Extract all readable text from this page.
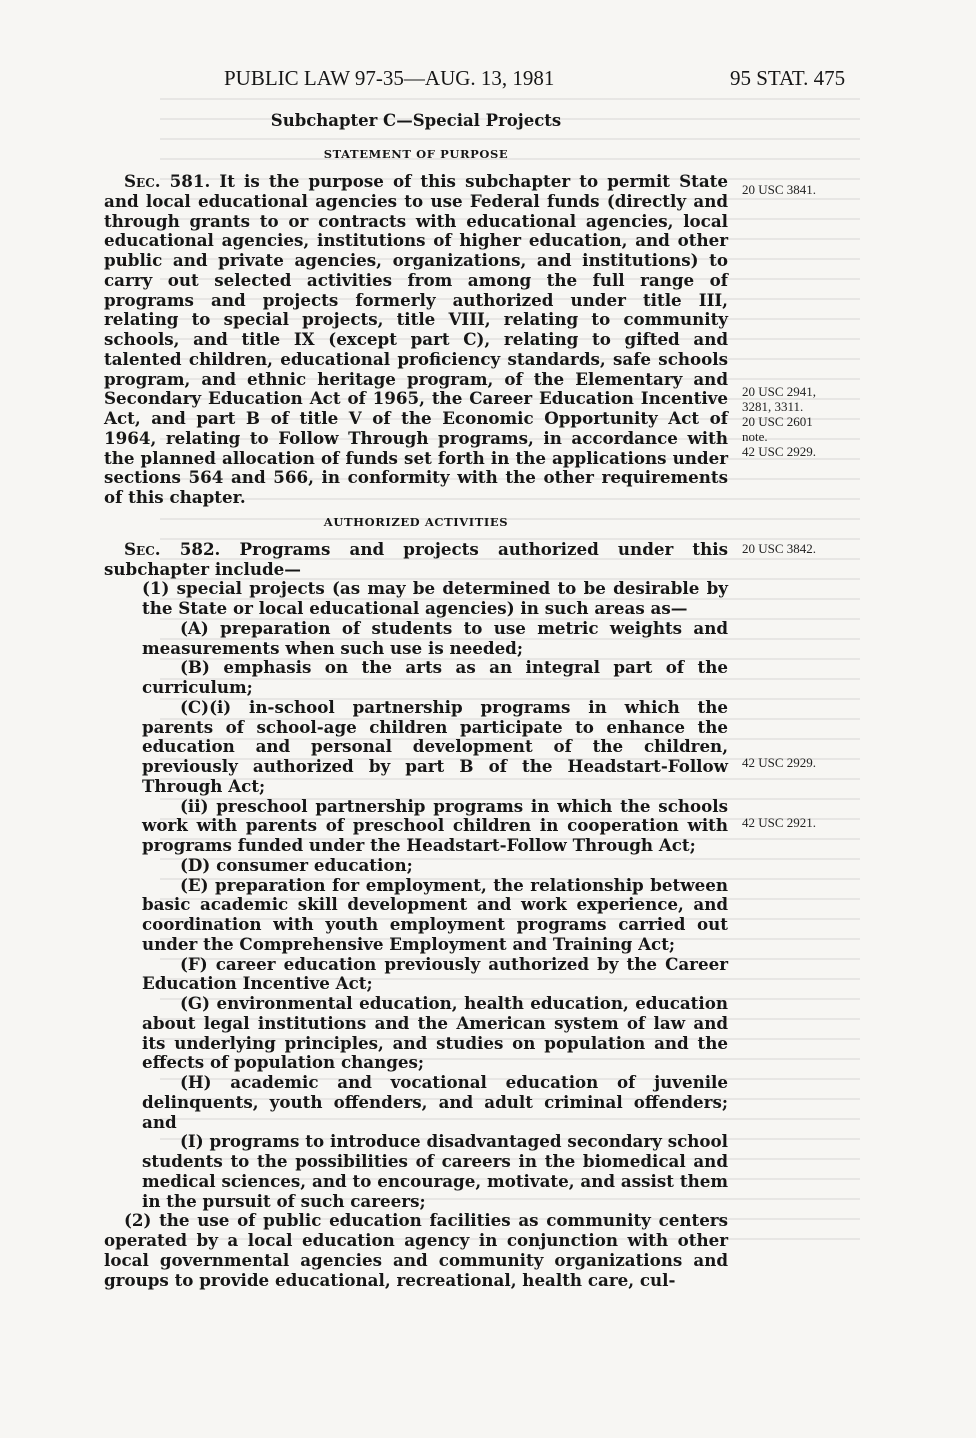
PUBLIC LAW 97-35—AUG. 13, 1981	95 STAT. 475
Subchapter C—Special Projects
STATEMENT OF PURPOSE

Sec. 581. It is the purpose of this subchapter to permit State and local educational agencies to use Federal funds (directly and through grants to or contracts with educational agencies, local educational agencies, institutions of higher education, and other public and private agencies, organizations, and institutions) to carry out selected activities from among the full range of programs and projects formerly authorized under title III, relating to special projects, title VIII, relating to community schools, and title IX (except part C), relating to gifted and talented children, educational proficiency standards, safe schools program, and ethnic heritage program, of the Elementary and Secondary Education Act of 1965, the Career Education Incentive Act, and part B of title V of the Economic Opportunity Act of 1964, relating to Follow Through programs, in accordance with the planned allocation of funds set forth in the applications under sections 564 and 566, in conformity with the other requirements of this chapter.

AUTHORIZED ACTIVITIES

Sec. 582. Programs and projects authorized under this subchapter include—

(1) special projects (as may be determined to be desirable by the State or local educational agencies) in such areas as—

(A) preparation of students to use metric weights and measurements when such use is needed;

(B) emphasis on the arts as an integral part of the curriculum;

(C)(i) in-school partnership programs in which the parents of school-age children participate to enhance the education and personal development of the children, previously authorized by part B of the Headstart-Follow Through Act;

(ii) preschool partnership programs in which the schools work with parents of preschool children in cooperation with programs funded under the Headstart-Follow Through Act;

(D) consumer education;

(E) preparation for employment, the relationship between basic academic skill development and work experience, and coordination with youth employment programs carried out under the Comprehensive Employment and Training Act;

(F) career education previously authorized by the Career Education Incentive Act;

(G) environmental education, health education, education about legal institutions and the American system of law and its underlying principles, and studies on population and the effects of population changes;

(H) academic and vocational education of juvenile delinquents, youth offenders, and adult criminal offenders; and

(I) programs to introduce disadvantaged secondary school students to the possibilities of careers in the biomedical and medical sciences, and to encourage, motivate, and assist them in the pursuit of such careers;

(2) the use of public education facilities as community centers operated by a local education agency in conjunction with other local governmental agencies and community organizations and groups to provide educational, recreational, health care, cul-

20 USC 3841.
20 USC 2941,
3281, 3311.
20 USC 2601
note.
42 USC 2929.
20 USC 3842.
42 USC 2929.
42 USC 2921.
